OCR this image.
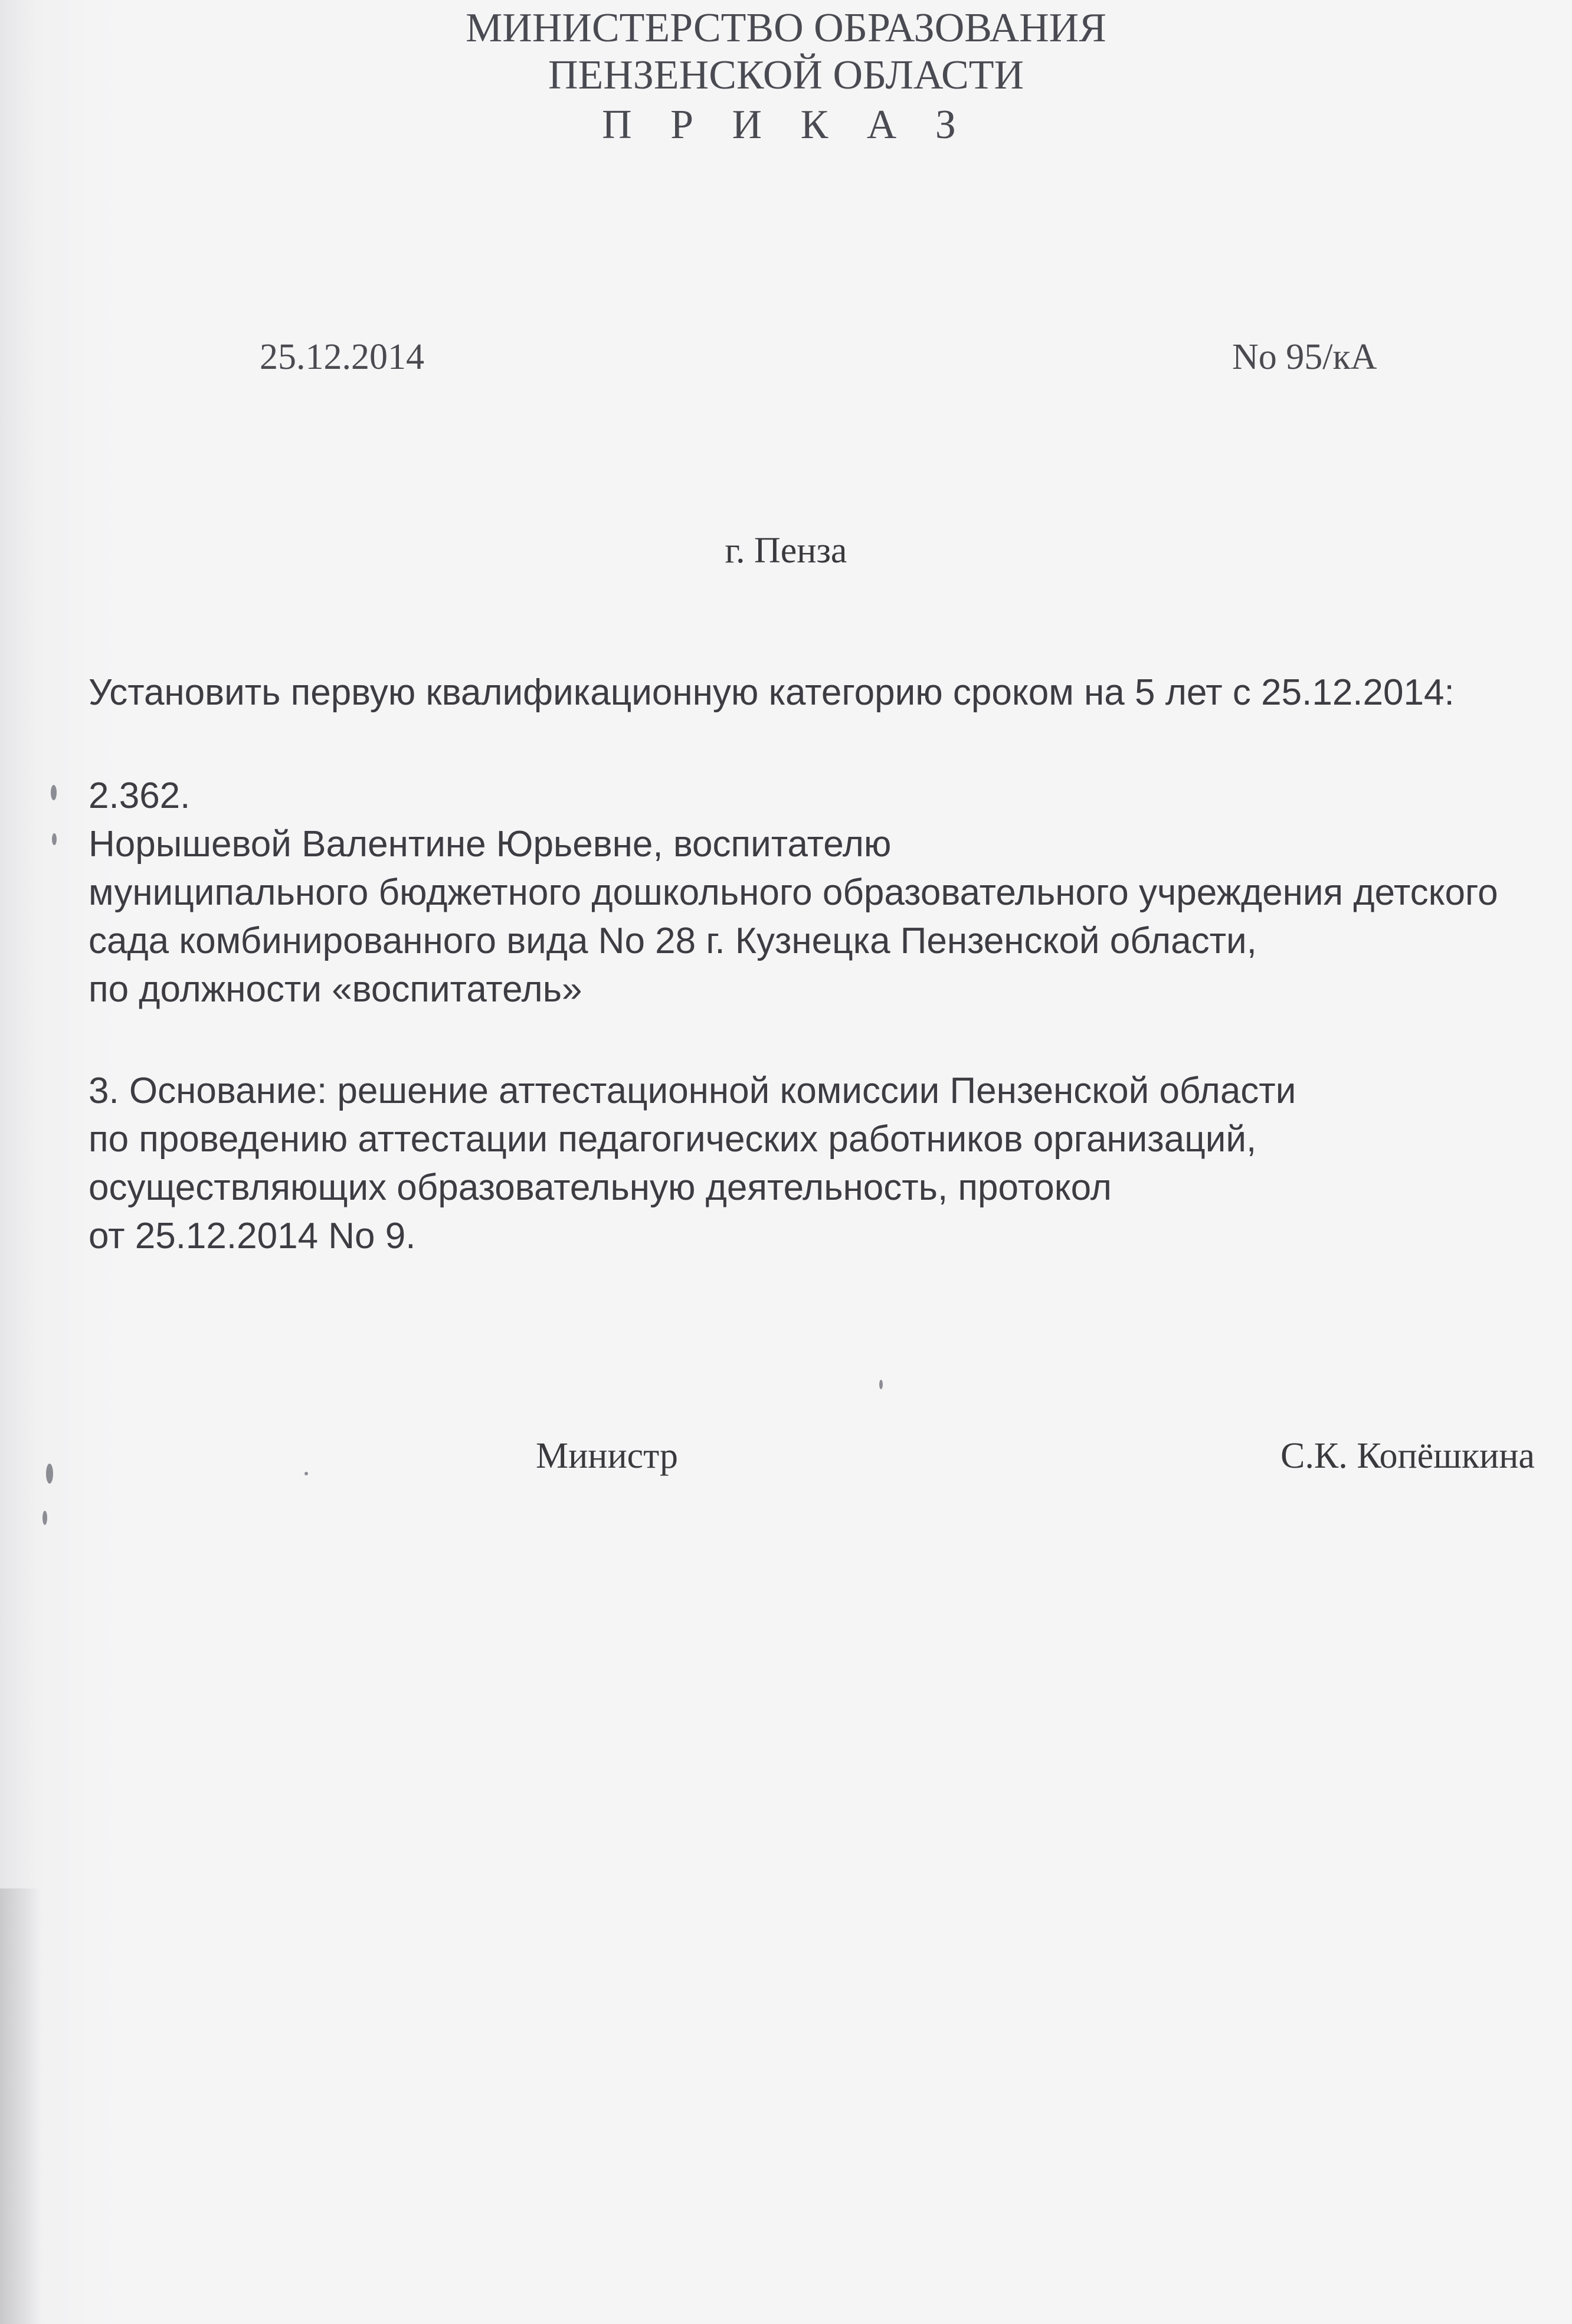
МИНИСТЕРСТВО ОБРАЗОВАНИЯ
ПЕНЗЕНСКОЙ ОБЛАСТИ
П Р И К А З
25.12.2014	No 95/кА
г. Пенза
Установить первую квалификационную категорию сроком на 5 лет с 25.12.2014:
2.362.
Норышевой Валентине Юрьевне, воспитателю
муниципального бюджетного дошкольного образовательного учреждения детского
сада комбинированного вида No 28 г. Кузнецка Пензенской области,
по должности «воспитатель»
3. Основание: решение аттестационной комиссии Пензенской области
по проведению аттестации педагогических работников организаций,
осуществляющих образовательную деятельность, протокол
от 25.12.2014 No 9.
Министр	С.К. Копёшкина
